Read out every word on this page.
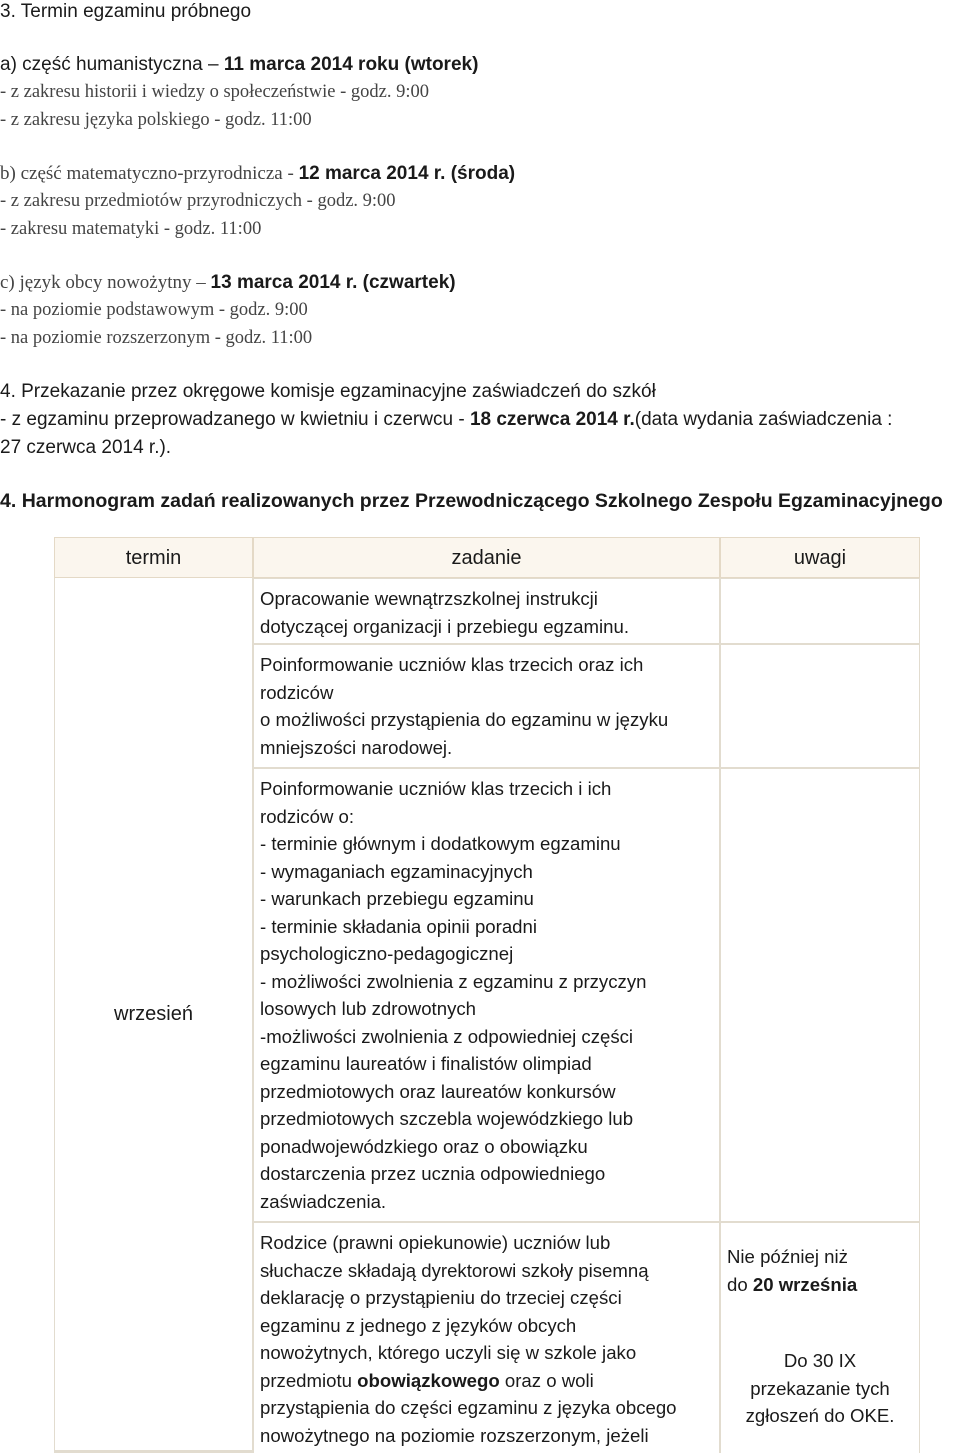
3. Termin egzaminu próbnego
a) część humanistyczna – 11 marca 2014 roku (wtorek)
- z zakresu historii i wiedzy o społeczeństwie - godz. 9:00
- z zakresu języka polskiego - godz. 11:00
b) część matematyczno-przyrodnicza - 12 marca 2014 r. (środa)
- z zakresu przedmiotów przyrodniczych - godz. 9:00
- zakresu matematyki - godz. 11:00
c) język obcy nowożytny – 13 marca 2014 r. (czwartek)
- na poziomie podstawowym - godz. 9:00
- na poziomie rozszerzonym - godz. 11:00
4. Przekazanie przez okręgowe komisje egzaminacyjne zaświadczeń do szkół
- z egzaminu przeprowadzanego w kwietniu i czerwcu - 18 czerwca 2014 r.(data wydania zaświadczenia :
27 czerwca 2014 r.).
4. Harmonogram zadań realizowanych przez Przewodniczącego Szkolnego Zespołu Egzaminacyjnego
termin	zadanie	uwagi
wrzesień
Opracowanie wewnątrzszkolnej instrukcji
dotyczącej organizacji i przebiegu egzaminu.
Poinformowanie uczniów klas trzecich oraz ich
rodziców
o możliwości przystąpienia do egzaminu w języku
mniejszości narodowej.
Poinformowanie uczniów klas trzecich i ich
rodziców o:
- terminie głównym i dodatkowym egzaminu
- wymaganiach egzaminacyjnych
- warunkach przebiegu egzaminu
- terminie składania opinii poradni
psychologiczno-pedagogicznej
- możliwości zwolnienia z egzaminu z przyczyn
losowych lub zdrowotnych
-możliwości zwolnienia z odpowiedniej części
egzaminu laureatów i finalistów olimpiad
przedmiotowych oraz laureatów konkursów
przedmiotowych szczebla wojewódzkiego lub
ponadwojewódzkiego oraz o obowiązku
dostarczenia przez ucznia odpowiedniego
zaświadczenia.
Rodzice (prawni opiekunowie) uczniów lub
słuchacze składają dyrektorowi szkoły pisemną
deklarację o przystąpieniu do trzeciej części
egzaminu z jednego z języków obcych
nowożytnych, którego uczyli się w szkole jako
przedmiotu obowiązkowego oraz o woli
przystąpienia do części egzaminu z języka obcego
nowożytnego na poziomie rozszerzonym, jeżeli
Nie później niż
do 20 września
Do 30 IX
przekazanie tych
zgłoszeń do OKE.
